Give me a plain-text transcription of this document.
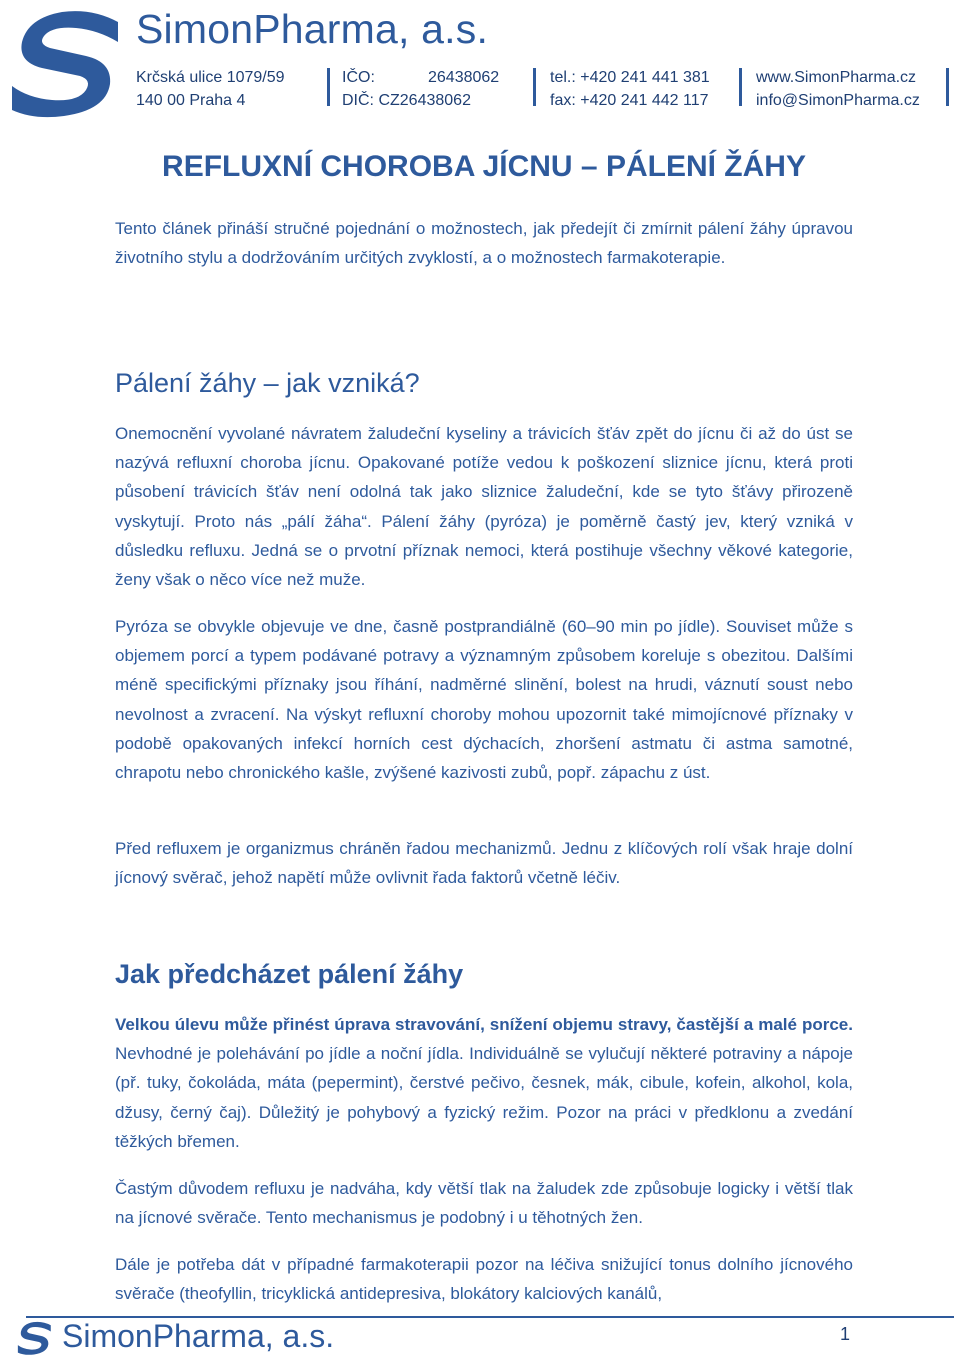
SimonPharma, a.s.
Krčská ulice 1079/59
140 00 Praha 4
IČO:	26438062
DIČ: CZ26438062
tel.: +420 241 441 381
fax: +420 241 442 117
www.SimonPharma.cz
info@SimonPharma.cz
REFLUXNÍ CHOROBA JÍCNU – PÁLENÍ ŽÁHY

Tento článek přináší stručné pojednání o možnostech, jak předejít či zmírnit pálení žáhy úpravou životního stylu a dodržováním určitých zvyklostí, a o možnostech farmakoterapie.

Pálení žáhy – jak vzniká?

Onemocnění vyvolané návratem žaludeční kyseliny a trávicích šťáv zpět do jícnu či až do úst se nazývá refluxní choroba jícnu. Opakované potíže vedou k poškození sliznice jícnu, která proti působení trávicích šťáv není odolná tak jako sliznice žaludeční, kde se tyto šťávy přirozeně vyskytují. Proto nás „pálí žáha“. Pálení žáhy (pyróza) je poměrně častý jev, který vzniká v důsledku refluxu. Jedná se o prvotní příznak nemoci, která postihuje všechny věkové kategorie, ženy však o něco více než muže.

Pyróza se obvykle objevuje ve dne, časně postprandiálně (60–90 min po jídle). Souviset může s objemem porcí a typem podávané potravy a významným způsobem koreluje s obezitou. Dalšími méně specifickými příznaky jsou říhání, nadměrné slinění, bolest na hrudi, váznutí soust nebo nevolnost a zvracení. Na výskyt refluxní choroby mohou upozornit také mimojícnové příznaky v podobě opakovaných infekcí horních cest dýchacích, zhoršení astmatu či astma samotné, chrapotu nebo chronického kašle, zvýšené kazivosti zubů, popř. zápachu z úst.

Před refluxem je organizmus chráněn řadou mechanizmů. Jednu z klíčových rolí však hraje dolní jícnový svěrač, jehož napětí může ovlivnit řada faktorů včetně léčiv.

Jak předcházet pálení žáhy

Velkou úlevu může přinést úprava stravování, snížení objemu stravy, častější a malé porce. Nevhodné je polehávání po jídle a noční jídla. Individuálně se vylučují některé potraviny a nápoje (př. tuky, čokoláda, máta (pepermint), čerstvé pečivo, česnek, mák, cibule, kofein, alkohol, kola, džusy, černý čaj). Důležitý je pohybový a fyzický režim. Pozor na práci v předklonu a zvedání těžkých břemen.

Častým důvodem refluxu je nadváha, kdy větší tlak na žaludek zde způsobuje logicky i větší tlak na jícnové svěrače. Tento mechanismus je podobný i u těhotných žen.

Dále je potřeba dát v případné farmakoterapii pozor na léčiva snižující tonus dolního jícnového svěrače (theofyllin, tricyklická antidepresiva, blokátory kalciových kanálů,

SimonPharma, a.s.	1
